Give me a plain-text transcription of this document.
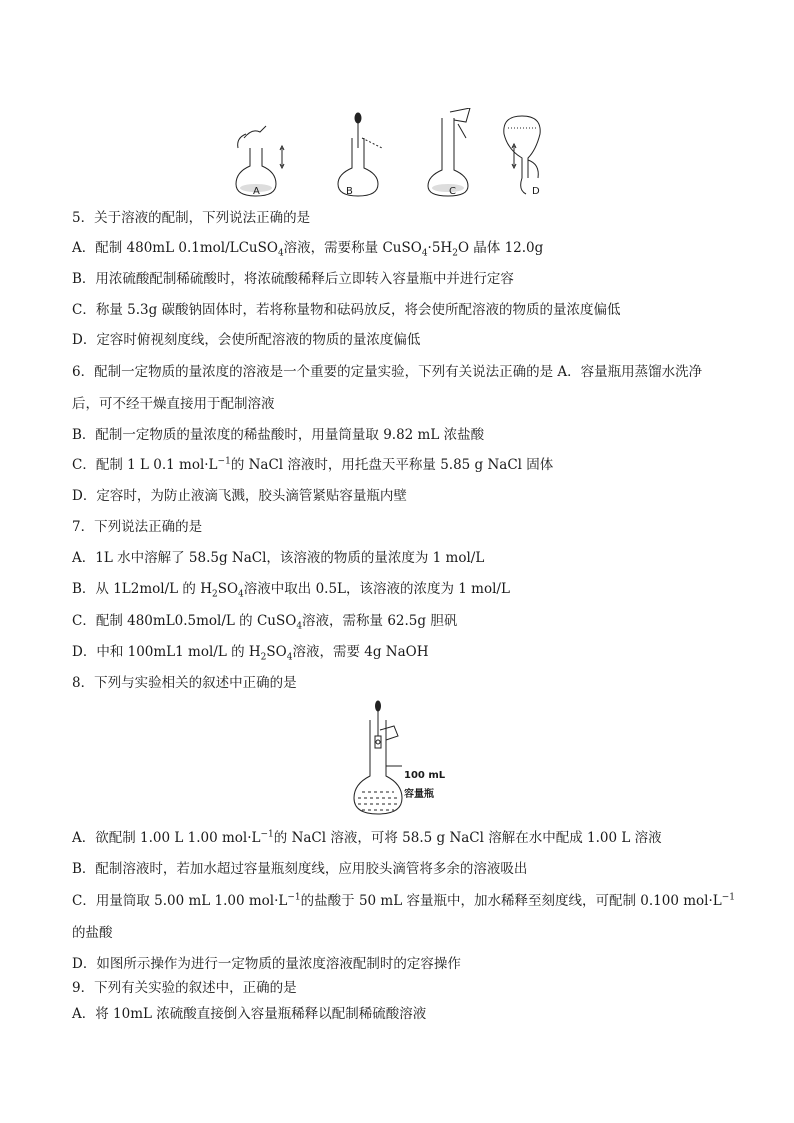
A	B	C	D
5．关于溶液的配制，下列说法正确的是
A．配制 480mL 0.1mol/LCuSO$_4$溶液，需要称量 $CuSO_4\cdot 5H_2O$ 晶体 12.0g
B．用浓硫酸配制稀硫酸时，将浓硫酸稀释后立即转入容量瓶中并进行定容
C．称量 5.3g 碳酸钠固体时，若将称量物和砝码放反，将会使所配溶液的物质的量浓度偏低
D．定容时俯视刻度线，会使所配溶液的物质的量浓度偏低
6．配制一定物质的量浓度的溶液是一个重要的定量实验，下列有关说法正确的是 A．容量瓶用蒸馏水洗净
后，可不经干燥直接用于配制溶液
B．配制一定物质的量浓度的稀盐酸时，用量筒量取 9.82 mL 浓盐酸
C．配制 1 L 0.1 $mol\cdot L^{-1}$的 NaCl 溶液时，用托盘天平称量 5.85 g NaCl 固体
D．定容时，为防止液滴飞溅，胶头滴管紧贴容量瓶内壁
7．下列说法正确的是
A．1L 水中溶解了 58.5g NaCl，该溶液的物质的量浓度为 1 mol/L
B．从 1L2mol/L 的 $H_2SO_4$溶液中取出 0.5L，该溶液的浓度为 1 mol/L
C．配制 480mL0.5mol/L 的 CuSO$_4$溶液，需称量 62.5g 胆矾
D．中和 100mL1 mol/L 的 $H_2SO_4$溶液，需要 4g NaOH
8．下列与实验相关的叙述中正确的是
100 mL
容量瓶
A．欲配制 1.00 L 1.00 $mol\cdot L^{-1}$的 NaCl 溶液，可将 58.5 g NaCl 溶解在水中配成 1.00 L 溶液
B．配制溶液时，若加水超过容量瓶刻度线，应用胶头滴管将多余的溶液吸出
C．用量筒取 5.00 mL 1.00 $mol\cdot L^{-1}$的盐酸于 50 mL 容量瓶中，加水稀释至刻度线，可配制 0.100 $mol\cdot L^{-1}$
的盐酸
D．如图所示操作为进行一定物质的量浓度溶液配制时的定容操作
9．下列有关实验的叙述中，正确的是
A．将 10mL 浓硫酸直接倒入容量瓶稀释以配制稀硫酸溶液
